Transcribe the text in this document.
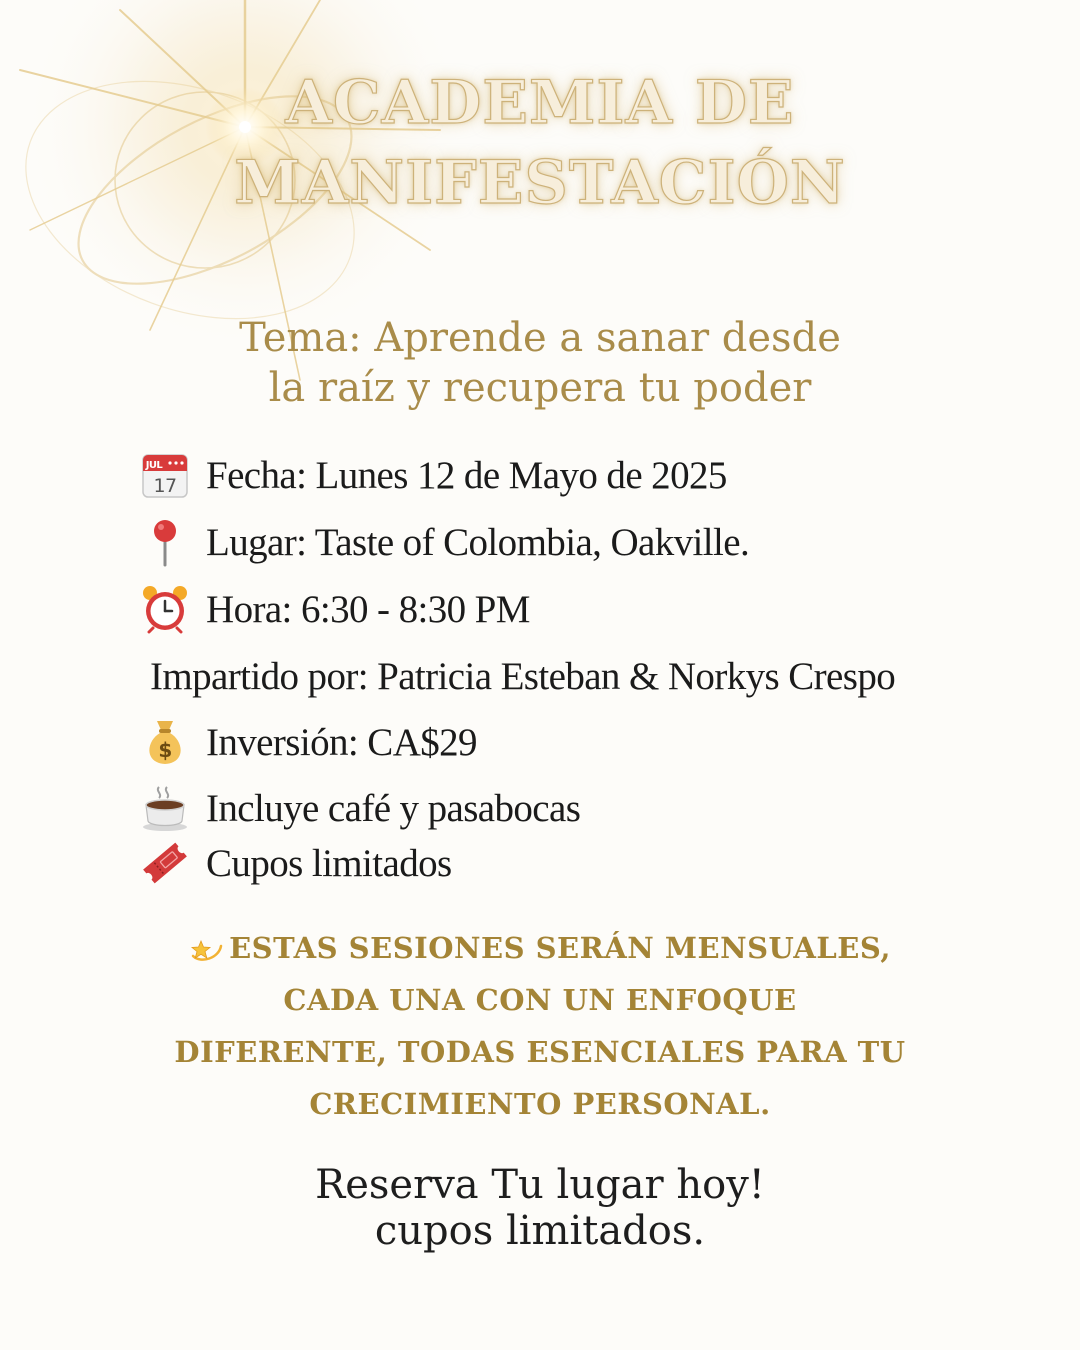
ACADEMIA DE
MANIFESTACIÓN
Tema: Aprende a sanar desde
la raíz y recupera tu poder
JUL
17 Fecha: Lunes 12 de Mayo de 2025
Lugar: Taste of Colombia, Oakville.
Hora: 6:30 - 8:30 PM
Impartido por: Patricia Esteban & Norkys Crespo
$ Inversión: CA$29
Incluye café y pasabocas
Cupos limitados
ESTAS SESIONES SERÁN MENSUALES,
CADA UNA CON UN ENFOQUE
DIFERENTE, TODAS ESENCIALES PARA TU
CRECIMIENTO PERSONAL.
Reserva Tu lugar hoy!
cupos limitados.
